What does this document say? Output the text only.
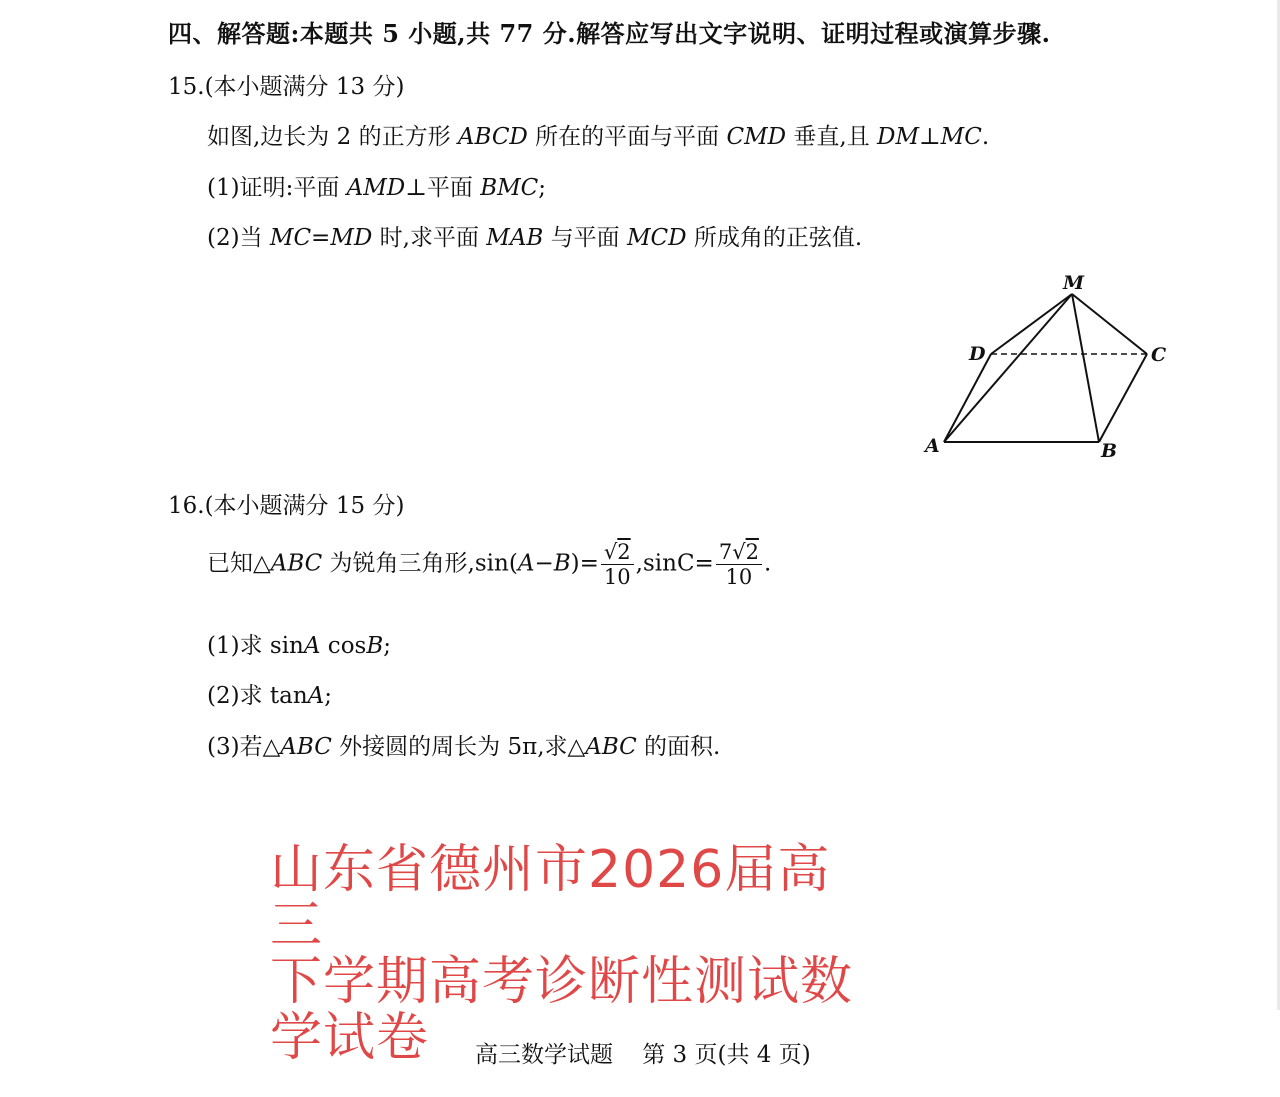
四、解答题:本题共 5 小题,共 77 分.解答应写出文字说明、证明过程或演算步骤.
15.(本小题满分 13 分)
如图,边长为 2 的正方形 ABCD 所在的平面与平面 CMD 垂直,且 DM⊥MC.
(1)证明:平面 AMD⊥平面 BMC;
(2)当 MC=MD 时,求平面 MAB 与平面 MCD 所成角的正弦值.
M
D	C
A	B
16.(本小题满分 15 分)
已知△ABC 为锐角三角形$,\sin(A-B)= \frac{√2}{10} ,\sin C= \frac{7√2}{10}$ .
(1)求 sinA cosB;
(2)求 tanA;
(3)若△ABC 外接圆的周长为 5π,求△ABC 的面积.
山东省德州市2026届高三
下学期高考诊断性测试数
学试卷	高三数学试题    第 3 页(共 4 页)
